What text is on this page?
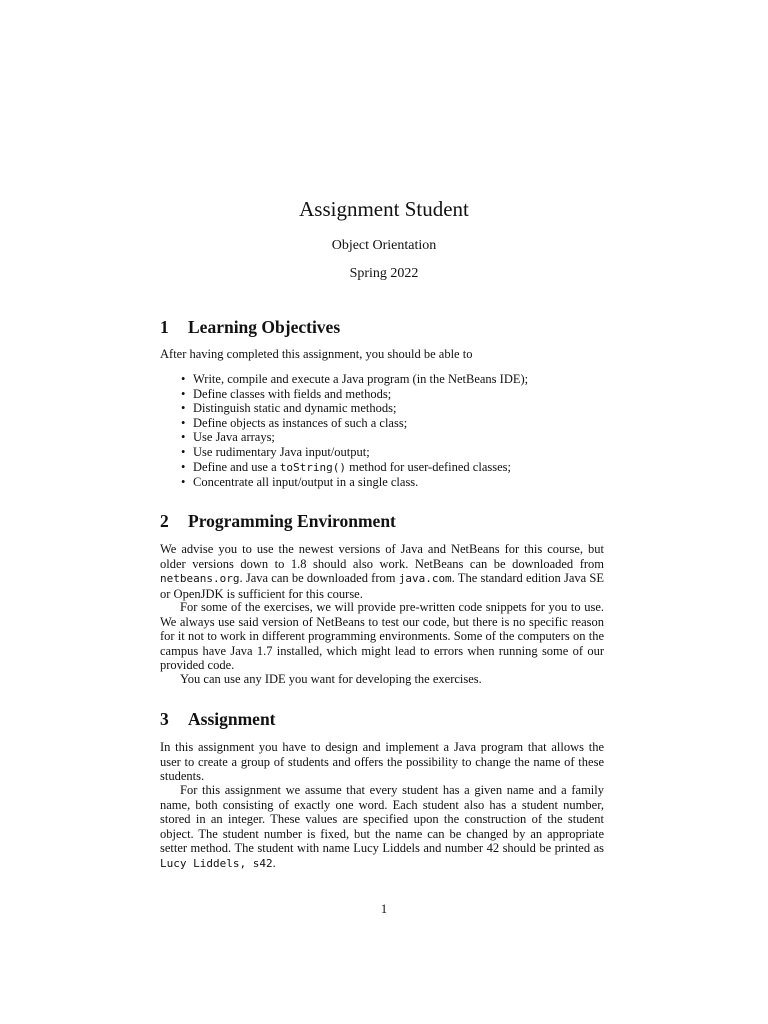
Assignment Student
Object Orientation
Spring 2022
1 Learning Objectives

After having completed this assignment, you should be able to

• Write, compile and execute a Java program (in the NetBeans IDE);
• Define classes with fields and methods;
• Distinguish static and dynamic methods;
• Define objects as instances of such a class;
• Use Java arrays;
• Use rudimentary Java input/output;
• Define and use a toString() method for user-defined classes;
• Concentrate all input/output in a single class.
2 Programming Environment

We advise you to use the newest versions of Java and NetBeans for this course, but older versions down to 1.8 should also work. NetBeans can be downloaded from netbeans.org. Java can be downloaded from java.com. The standard edition Java SE or OpenJDK is sufficient for this course.

For some of the exercises, we will provide pre-written code snippets for you to use. We always use said version of NetBeans to test our code, but there is no specific reason for it not to work in different programming environments. Some of the computers on the campus have Java 1.7 installed, which might lead to errors when running some of our provided code.

You can use any IDE you want for developing the exercises.

3 Assignment

In this assignment you have to design and implement a Java program that allows the user to create a group of students and offers the possibility to change the name of these students.

For this assignment we assume that every student has a given name and a family name, both consisting of exactly one word. Each student also has a student number, stored in an integer. These values are specified upon the construction of the student object. The student number is fixed, but the name can be changed by an appropriate setter method. The student with name Lucy Liddels and number 42 should be printed as Lucy Liddels, s42.

1
